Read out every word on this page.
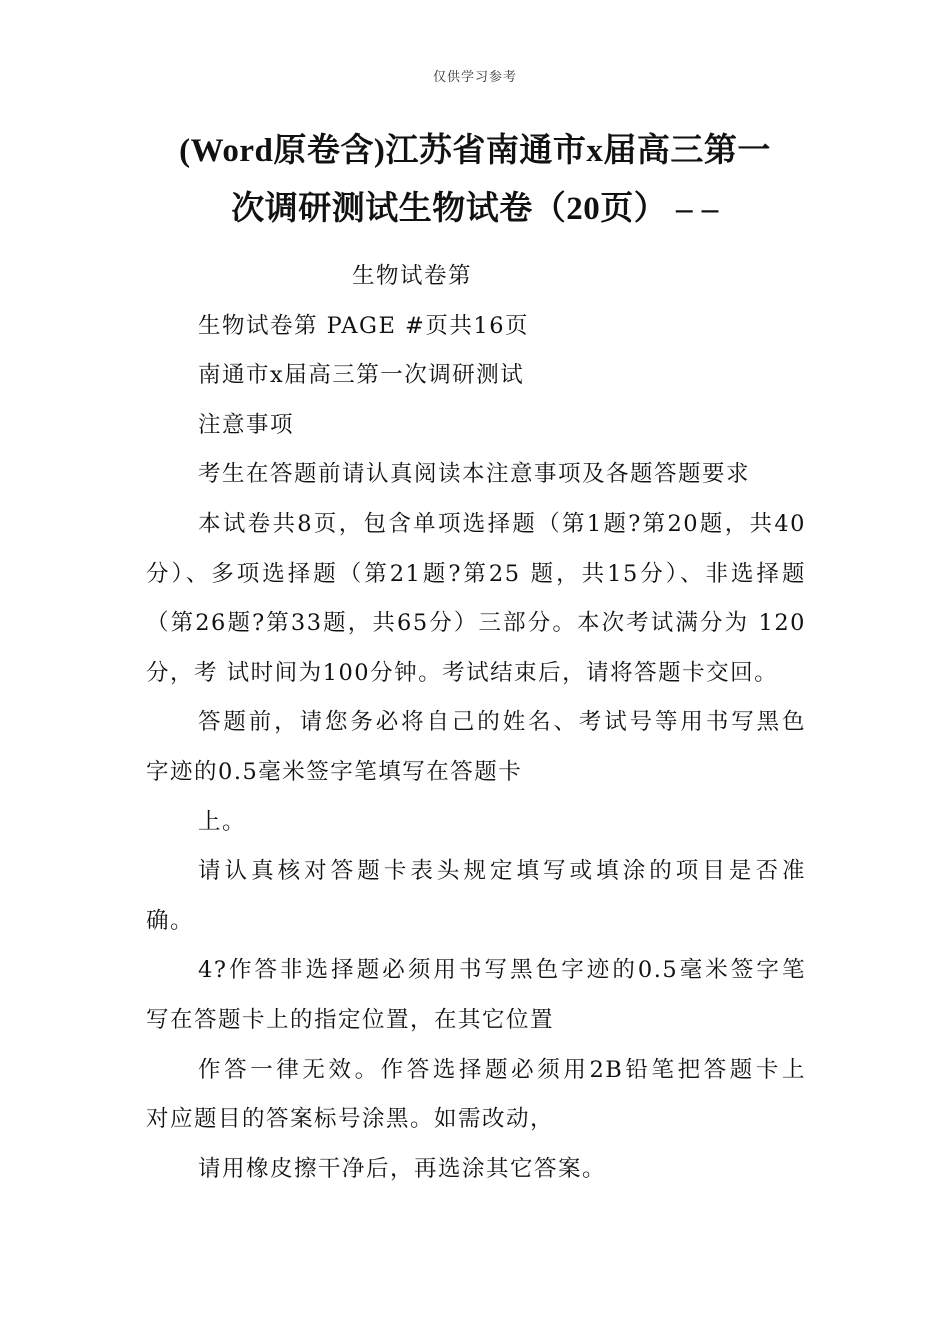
仅供学习参考
(Word原卷含)江苏省南通市x届高三第一
次调研测试生物试卷（20页） – –

生物试卷第

生物试卷第 PAGE #页共16页

南通市x届高三第一次调研测试

注意事项

考生在答题前请认真阅读本注意事项及各题答题要求

本试卷共8页，包含单项选择题（第1题?第20题，共40

分）、多项选择题（第21题?第25 题，共15分）、非选择题

（第26题?第33题，共65分）三部分。本次考试满分为 120

分，考 试时间为100分钟。考试结束后，请将答题卡交回。

答题前，请您务必将自己的姓名、考试号等用书写黑色

字迹的0.5毫米签字笔填写在答题卡

上。

请认真核对答题卡表头规定填写或填涂的项目是否准

确。

4?作答非选择题必须用书写黑色字迹的0.5毫米签字笔

写在答题卡上的指定位置，在其它位置

作答一律无效。作答选择题必须用2B铅笔把答题卡上

对应题目的答案标号涂黑。如需改动，

请用橡皮擦干净后，再选涂其它答案。
